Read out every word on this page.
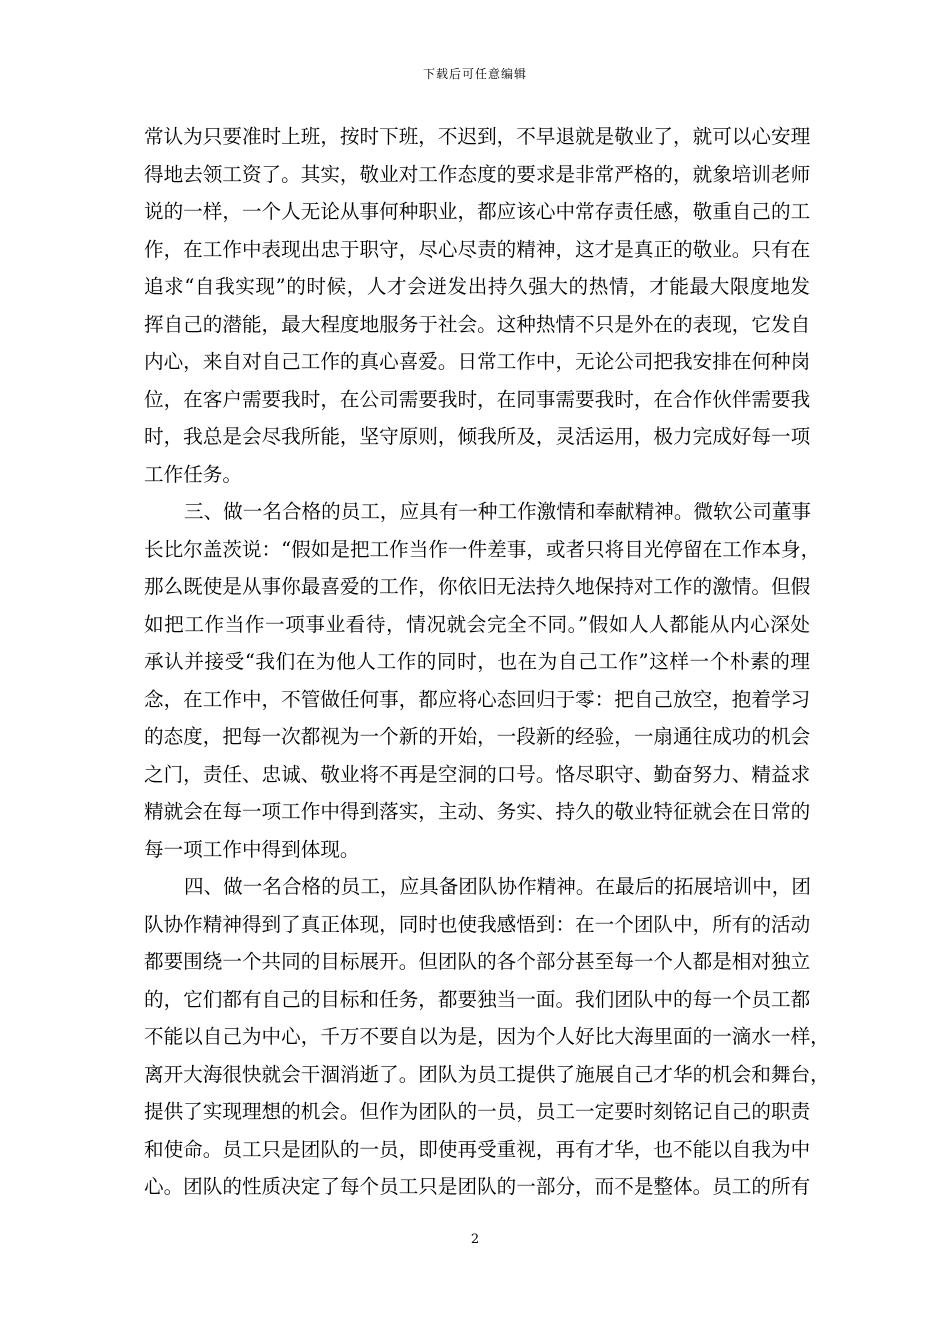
下载后可任意编辑
常认为只要准时上班，按时下班，不迟到，不早退就是敬业了，就可以心安理
得地去领工资了。其实，敬业对工作态度的要求是非常严格的，就象培训老师
说的一样，一个人无论从事何种职业，都应该心中常存责任感，敬重自己的工
作，在工作中表现出忠于职守，尽心尽责的精神，这才是真正的敬业。只有在
追求“自我实现”的时候，人才会迸发出持久强大的热情，才能最大限度地发
挥自己的潜能，最大程度地服务于社会。这种热情不只是外在的表现，它发自
内心，来自对自己工作的真心喜爱。日常工作中，无论公司把我安排在何种岗
位，在客户需要我时，在公司需要我时，在同事需要我时，在合作伙伴需要我
时，我总是会尽我所能，坚守原则，倾我所及，灵活运用，极力完成好每一项
工作任务。
三、做一名合格的员工，应具有一种工作激情和奉献精神。微软公司董事
长比尔盖茨说：“假如是把工作当作一件差事，或者只将目光停留在工作本身，
那么既使是从事你最喜爱的工作，你依旧无法持久地保持对工作的激情。但假
如把工作当作一项事业看待，情况就会完全不同。”假如人人都能从内心深处
承认并接受“我们在为他人工作的同时，也在为自己工作”这样一个朴素的理
念，在工作中，不管做任何事，都应将心态回归于零：把自己放空，抱着学习
的态度，把每一次都视为一个新的开始，一段新的经验，一扇通往成功的机会
之门，责任、忠诚、敬业将不再是空洞的口号。恪尽职守、勤奋努力、精益求
精就会在每一项工作中得到落实，主动、务实、持久的敬业特征就会在日常的
每一项工作中得到体现。
四、做一名合格的员工，应具备团队协作精神。在最后的拓展培训中，团
队协作精神得到了真正体现，同时也使我感悟到：在一个团队中，所有的活动
都要围绕一个共同的目标展开。但团队的各个部分甚至每一个人都是相对独立
的，它们都有自己的目标和任务，都要独当一面。我们团队中的每一个员工都
不能以自己为中心，千万不要自以为是，因为个人好比大海里面的一滴水一样，
离开大海很快就会干涸消逝了。团队为员工提供了施展自己才华的机会和舞台，
提供了实现理想的机会。但作为团队的一员，员工一定要时刻铭记自己的职责
和使命。员工只是团队的一员，即使再受重视，再有才华，也不能以自我为中
心。团队的性质决定了每个员工只是团队的一部分，而不是整体。员工的所有
2
